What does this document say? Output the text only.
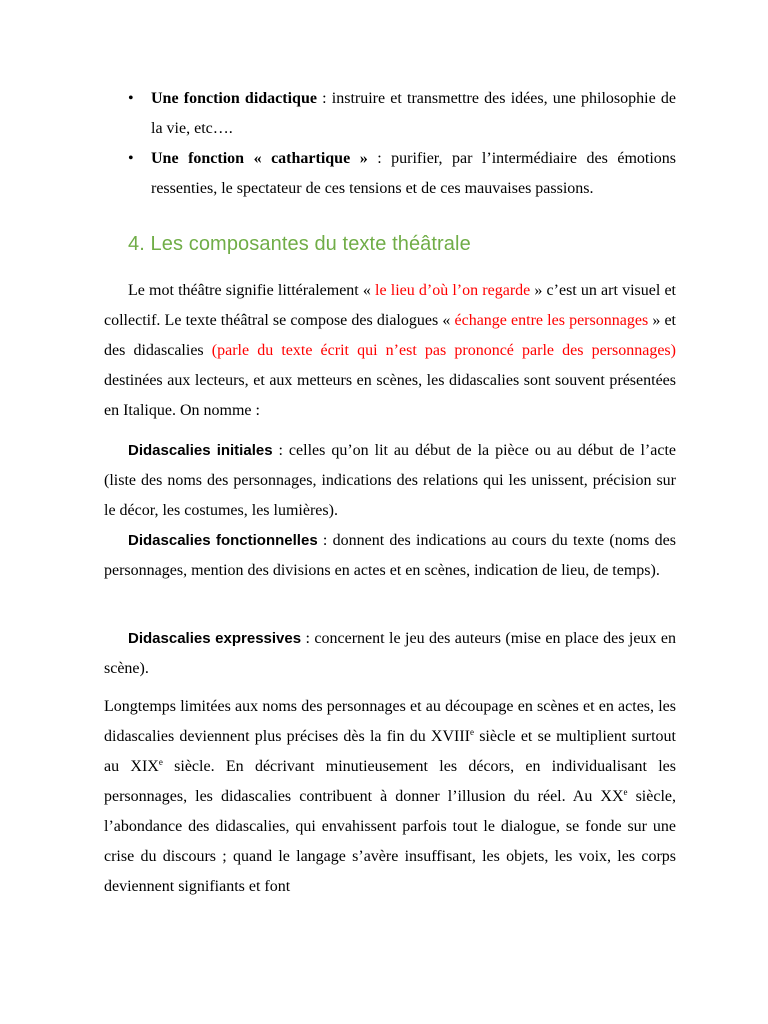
• Une fonction didactique : instruire et transmettre des idées, une philosophie de la vie, etc….
• Une fonction « cathartique » : purifier, par l’intermédiaire des émotions ressenties, le spectateur de ces tensions et de ces mauvaises passions.
4. Les composantes du texte théâtrale

Le mot théâtre signifie littéralement « le lieu d’où l’on regarde » c’est un art visuel et collectif. Le texte théâtral se compose des dialogues « échange entre les personnages » et des didascalies (parle du texte écrit qui n’est pas prononcé parle des personnages) destinées aux lecteurs, et aux metteurs en scènes, les didascalies sont souvent présentées en Italique. On nomme :

Didascalies initiales : celles qu’on lit au début de la pièce ou au début de l’acte (liste des noms des personnages, indications des relations qui les unissent, précision sur le décor, les costumes, les lumières).

Didascalies fonctionnelles : donnent des indications au cours du texte (noms des personnages, mention des divisions en actes et en scènes, indication de lieu, de temps).

Didascalies expressives : concernent le jeu des auteurs (mise en place des jeux en scène).

Longtemps limitées aux noms des personnages et au découpage en scènes et en actes, les didascalies deviennent plus précises dès la fin du XVIIIe siècle et se multiplient surtout au XIXe siècle. En décrivant minutieusement les décors, en individualisant les personnages, les didascalies contribuent à donner l’illusion du réel. Au XXe siècle, l’abondance des didascalies, qui envahissent parfois tout le dialogue, se fonde sur une crise du discours ; quand le langage s’avère insuffisant, les objets, les voix, les corps deviennent signifiants et font
